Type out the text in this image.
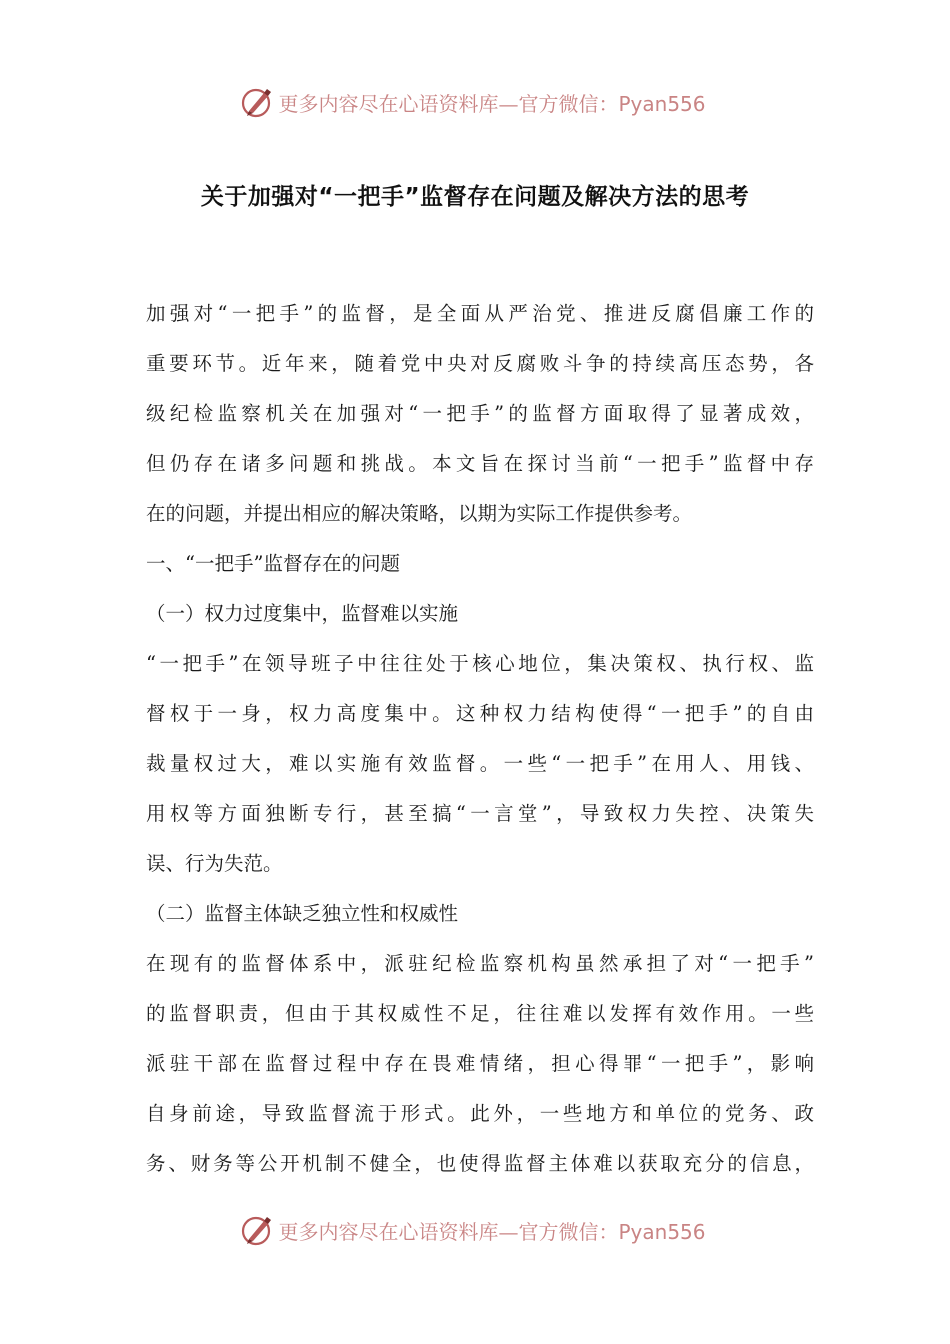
更多内容尽在心语资料库—官方微信：Pyan556
关于加强对“一把手”监督存在问题及解决方法的思考
加强对“一把手”的监督，是全面从严治党、推进反腐倡廉工作的
重要环节。近年来，随着党中央对反腐败斗争的持续高压态势，各
级纪检监察机关在加强对“一把手”的监督方面取得了显著成效，
但仍存在诸多问题和挑战。本文旨在探讨当前“一把手”监督中存
在的问题，并提出相应的解决策略，以期为实际工作提供参考。
一、“一把手”监督存在的问题
（一）权力过度集中，监督难以实施
“一把手”在领导班子中往往处于核心地位，集决策权、执行权、监
督权于一身，权力高度集中。这种权力结构使得“一把手”的自由
裁量权过大，难以实施有效监督。一些“一把手”在用人、用钱、
用权等方面独断专行，甚至搞“一言堂”，导致权力失控、决策失
误、行为失范。
（二）监督主体缺乏独立性和权威性
在现有的监督体系中，派驻纪检监察机构虽然承担了对“一把手”
的监督职责，但由于其权威性不足，往往难以发挥有效作用。一些
派驻干部在监督过程中存在畏难情绪，担心得罪“一把手”，影响
自身前途，导致监督流于形式。此外，一些地方和单位的党务、政
务、财务等公开机制不健全，也使得监督主体难以获取充分的信息，
更多内容尽在心语资料库—官方微信：Pyan556
